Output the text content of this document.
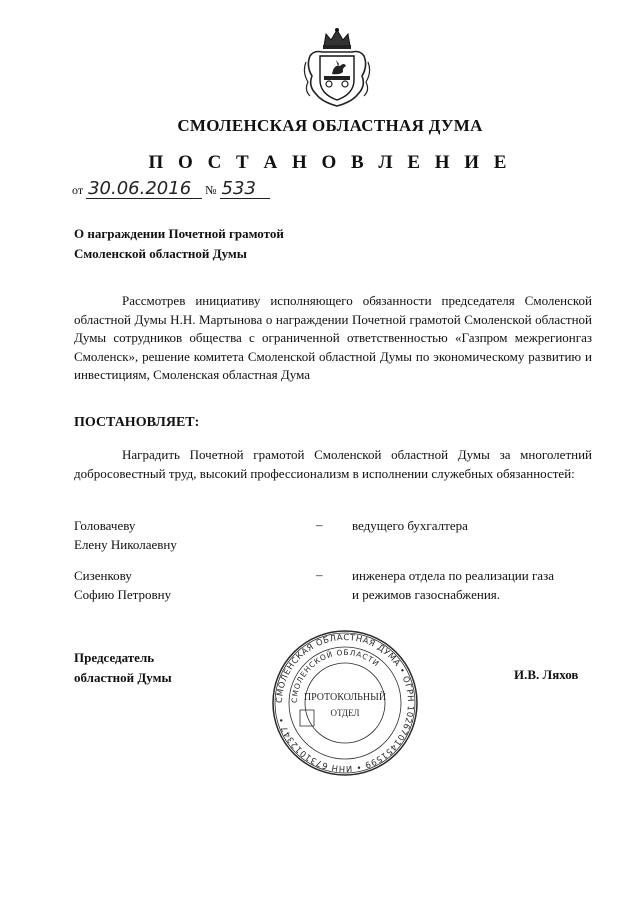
СМОЛЕНСКАЯ ОБЛАСТНАЯ ДУМА
П О С Т А Н О В Л Е Н И Е
от 30.06.2016 № 533
О награждении Почетной грамотой
Смоленской областной Думы
Рассмотрев инициативу исполняющего обязанности председателя Смоленской областной Думы Н.Н. Мартынова о награждении Почетной грамотой Смоленской областной Думы сотрудников общества с ограниченной ответственностью «Газпром межрегионгаз Смоленск», решение комитета Смоленской областной Думы по экономическому развитию и инвестициям, Смоленская областная Дума
ПОСТАНОВЛЯЕТ:
Наградить Почетной грамотой Смоленской областной Думы за многолетний добросовестный труд, высокий профессионализм в исполнении служебных обязанностей:
Головачеву
Елену Николаевну
– ведущего бухгалтера
Сизенкову
Софию Петровну
– инженера отдела по реализации газа
и режимов газоснабжения.
Председатель
областной Думы	И.В. Ляхов
СМОЛЕНСКАЯ ОБЛАСТНАЯ ДУМА • ОГРН 1026701451599 • ИНН 6731012347 •
СМОЛЕНСКОЙ ОБЛАСТИ
ПРОТОКОЛЬНЫЙ
ОТДЕЛ
